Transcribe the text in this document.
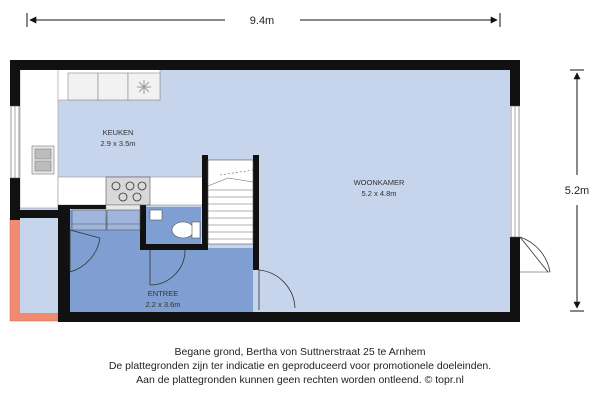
9.4m
5.2m
KEUKEN
2.9 x 3.5m
WOONKAMER
5.2 x 4.8m
ENTREE
2.2 x 3.6m
Begane grond, Bertha von Suttnerstraat 25 te Arnhem
De plattegronden zijn ter indicatie en geproduceerd voor promotionele doeleinden.
Aan de plattegronden kunnen geen rechten worden ontleend. © topr.nl
